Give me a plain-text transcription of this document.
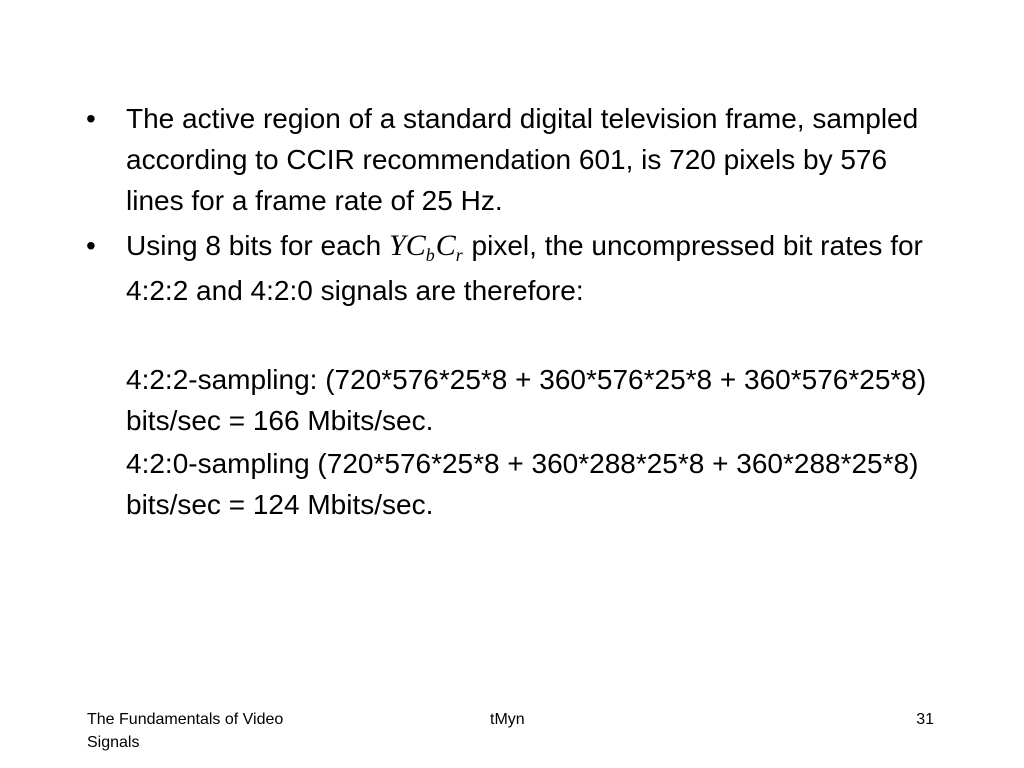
• The active region of a standard digital television frame, sampled according to CCIR recommendation 601, is 720 pixels by 576 lines for a frame rate of 25 Hz.
• Using 8 bits for each $YC_bC_r$ pixel, the uncompressed bit rates for 4:2:2 and 4:2:0 signals are therefore:
4:2:2-sampling: (720*576*25*8 + 360*576*25*8 + 360*576*25*8) bits/sec = 166 Mbits/sec.
4:2:0-sampling (720*576*25*8 + 360*288*25*8 + 360*288*25*8) bits/sec = 124 Mbits/sec.
The Fundamentals of Video Signals
tMyn	31
